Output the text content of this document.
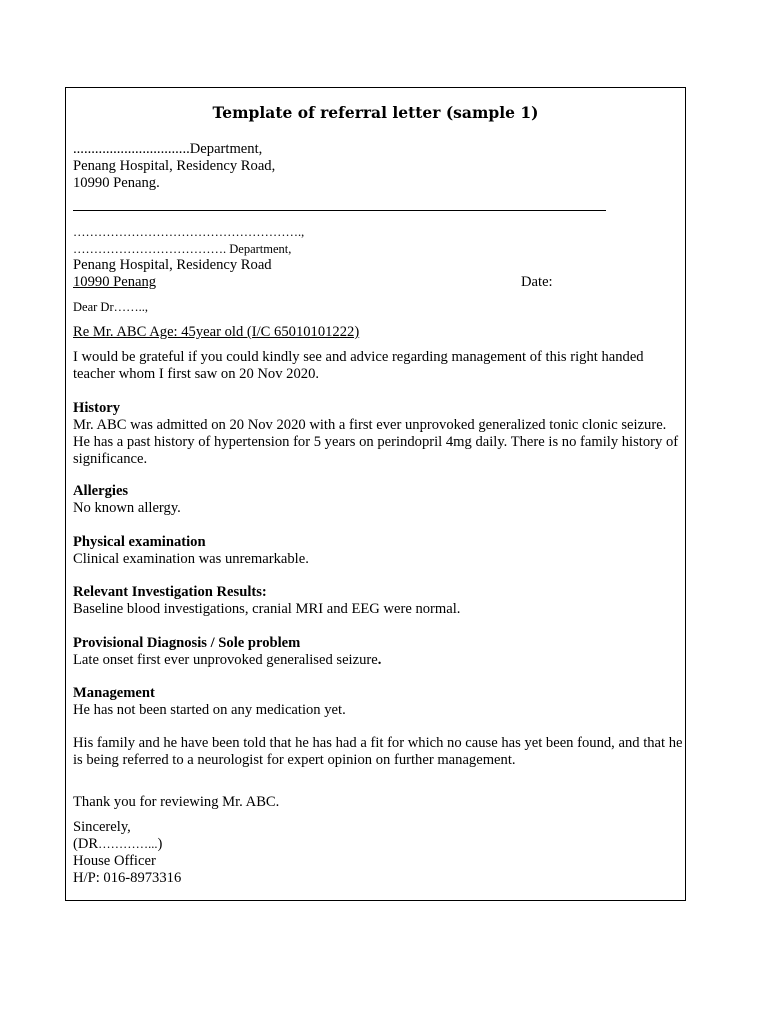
Template of referral letter (sample 1)
................................Department,
Penang Hospital, Residency Road,
10990 Penang.
……………………………………………….,
………………………………. Department,
Penang Hospital, Residency Road
10990 Penang	Date:
Dear Dr……..,
Re Mr. ABC Age: 45year old (I/C 65010101222)
I would be grateful if you could kindly see and advice regarding management of this right handed teacher whom I first saw on 20 Nov 2020.
History
Mr. ABC was admitted on 20 Nov 2020 with a first ever unprovoked generalized tonic clonic seizure. He has a past history of hypertension for 5 years on perindopril 4mg daily. There is no family history of significance.
Allergies
No known allergy.
Physical examination
Clinical examination was unremarkable.
Relevant Investigation Results:
Baseline blood investigations, cranial MRI and EEG were normal.
Provisional Diagnosis / Sole problem
Late onset first ever unprovoked generalised seizure.
Management
He has not been started on any medication yet.
His family and he have been told that he has had a fit for which no cause has yet been found, and that he is being referred to a neurologist for expert opinion on further management.
Thank you for reviewing Mr. ABC.
Sincerely,
(DR…………...)
House Officer
H/P: 016-8973316
